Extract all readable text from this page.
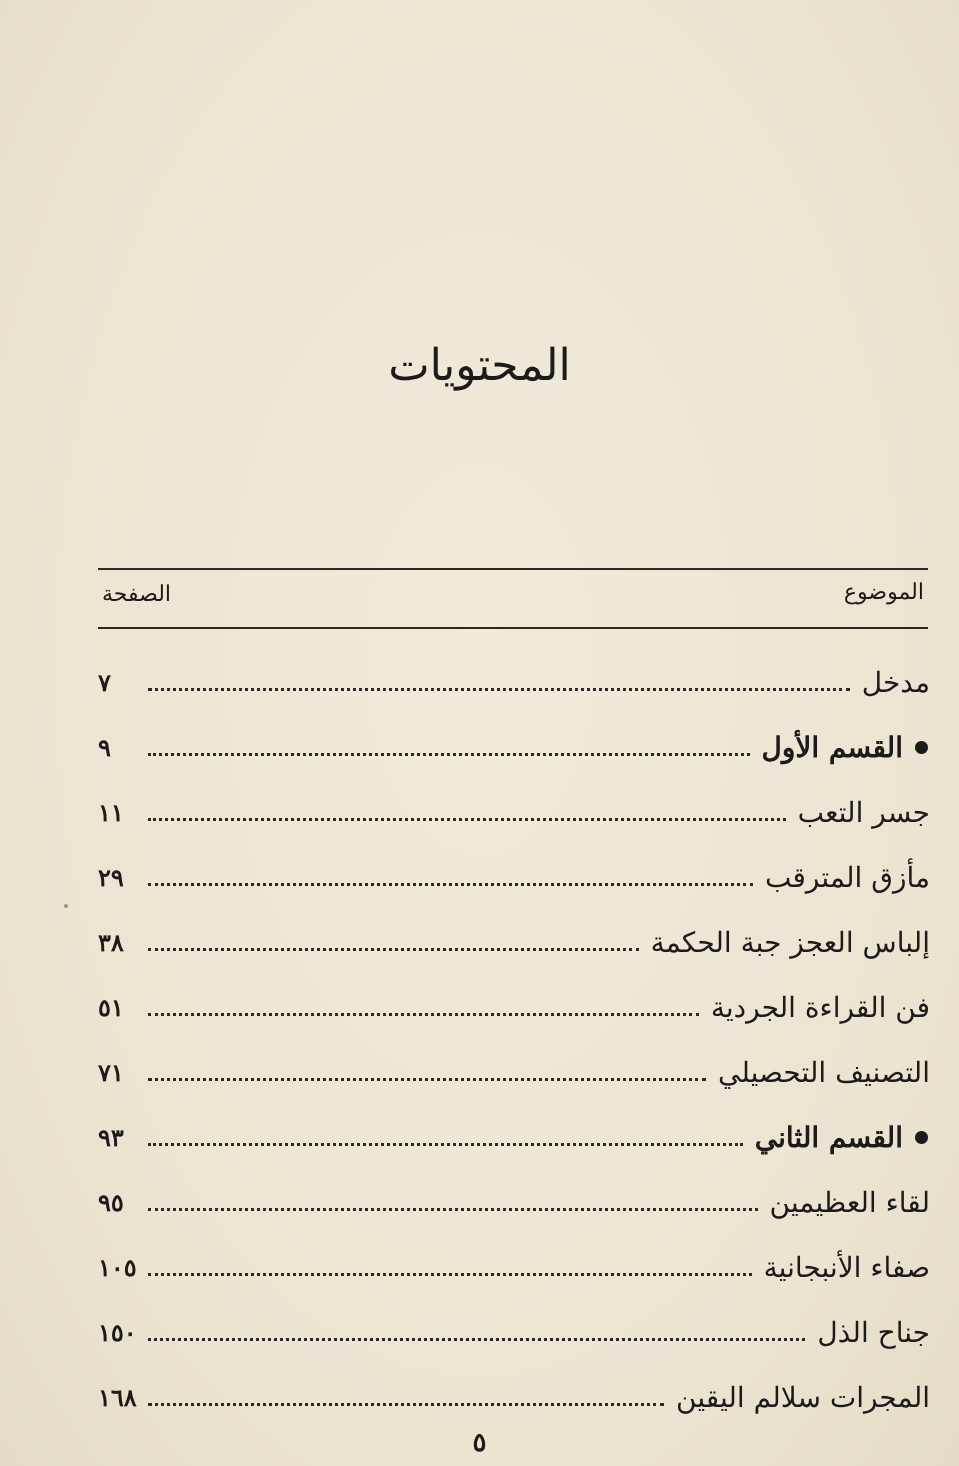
المحتويات
الموضوع
الصفحة
مدخل
٧
القسم الأول
٩
جسر التعب
١١
مأزق المترقب
٢٩
إلباس العجز جبة الحكمة
٣٨
فن القراءة الجردية
٥١
التصنيف التحصيلي
٧١
القسم الثاني
٩٣
لقاء العظيمين
٩٥
صفاء الأنبجانية
١٠٥
جناح الذل
١٥٠
المجرات سلالم اليقين
١٦٨
٥
